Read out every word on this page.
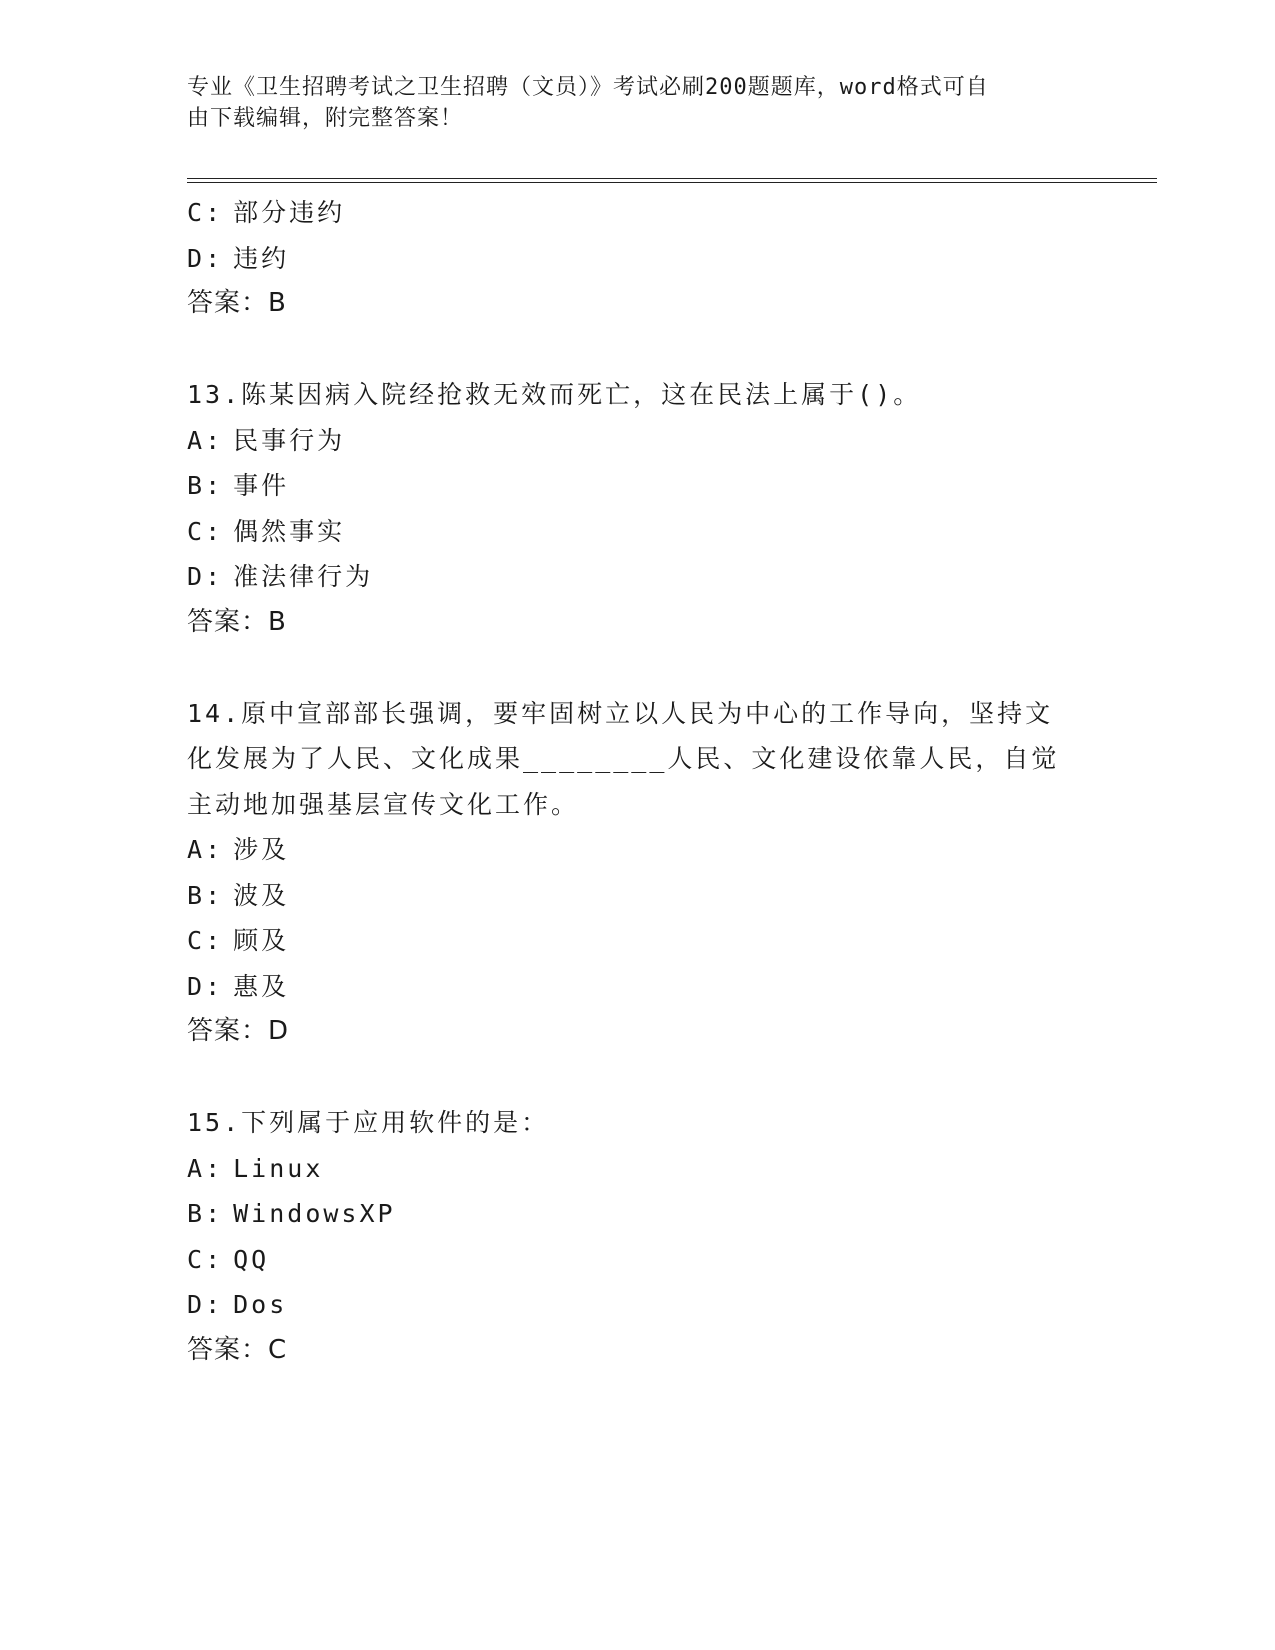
专业《卫生招聘考试之卫生招聘（文员）》考试必刷200题题库，word格式可自
由下载编辑，附完整答案！
C: 部分违约
D: 违约
答案：B
13.陈某因病入院经抢救无效而死亡，这在民法上属于()。
A: 民事行为
B: 事件
C: 偶然事实
D: 准法律行为
答案：B
14.原中宣部部长强调，要牢固树立以人民为中心的工作导向，坚持文
化发展为了人民、文化成果________人民、文化建设依靠人民，自觉
主动地加强基层宣传文化工作。
A: 涉及
B: 波及
C: 顾及
D: 惠及
答案：D
15.下列属于应用软件的是：
A: Linux
B: WindowsXP
C: QQ
D: Dos
答案：C
